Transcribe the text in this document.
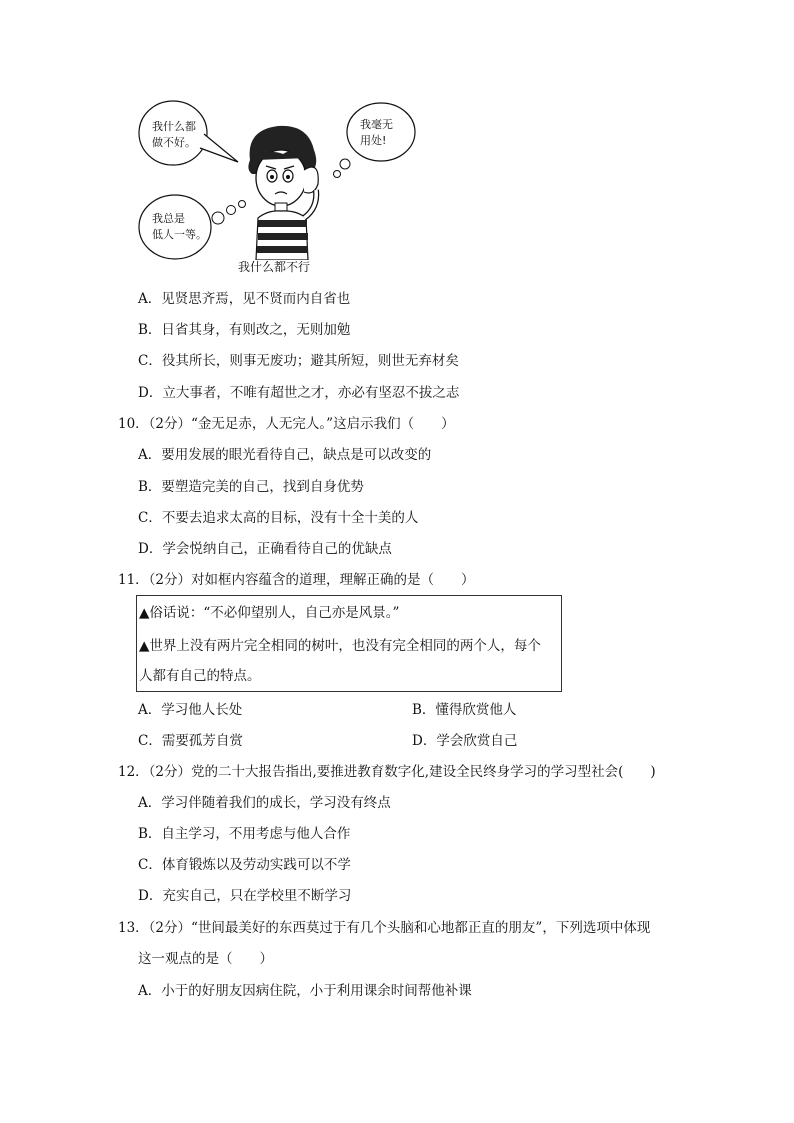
我什么都
做不好。
我毫无
用处!
我总是
低人一等。
我什么都不行
A．见贤思齐焉，见不贤而内自省也
B．日省其身，有则改之，无则加勉
C．役其所长，则事无废功；避其所短，则世无弃材矣
D．立大事者，不唯有超世之才，亦必有坚忍不拔之志
10．（2分）“金无足赤，人无完人。”这启示我们（　　）
A．要用发展的眼光看待自己，缺点是可以改变的
B．要塑造完美的自己，找到自身优势
C．不要去追求太高的目标，没有十全十美的人
D．学会悦纳自己，正确看待自己的优缺点
11．（2分）对如框内容蕴含的道理，理解正确的是（　　）
▲俗话说：“不必仰望别人，自己亦是风景。”
▲世界上没有两片完全相同的树叶，也没有完全相同的两个人，每个
人都有自己的特点。
A．学习他人长处	B．懂得欣赏他人
C．需要孤芳自赏	D．学会欣赏自己
12．（2分）党的二十大报告指出,要推进教育数字化,建设全民终身学习的学习型社会(　　)
A．学习伴随着我们的成长，学习没有终点
B．自主学习，不用考虑与他人合作
C．体育锻炼以及劳动实践可以不学
D．充实自己，只在学校里不断学习
13．（2分）“世间最美好的东西莫过于有几个头脑和心地都正直的朋友”，下列选项中体现
这一观点的是（　　）
A．小于的好朋友因病住院，小于利用课余时间帮他补课
